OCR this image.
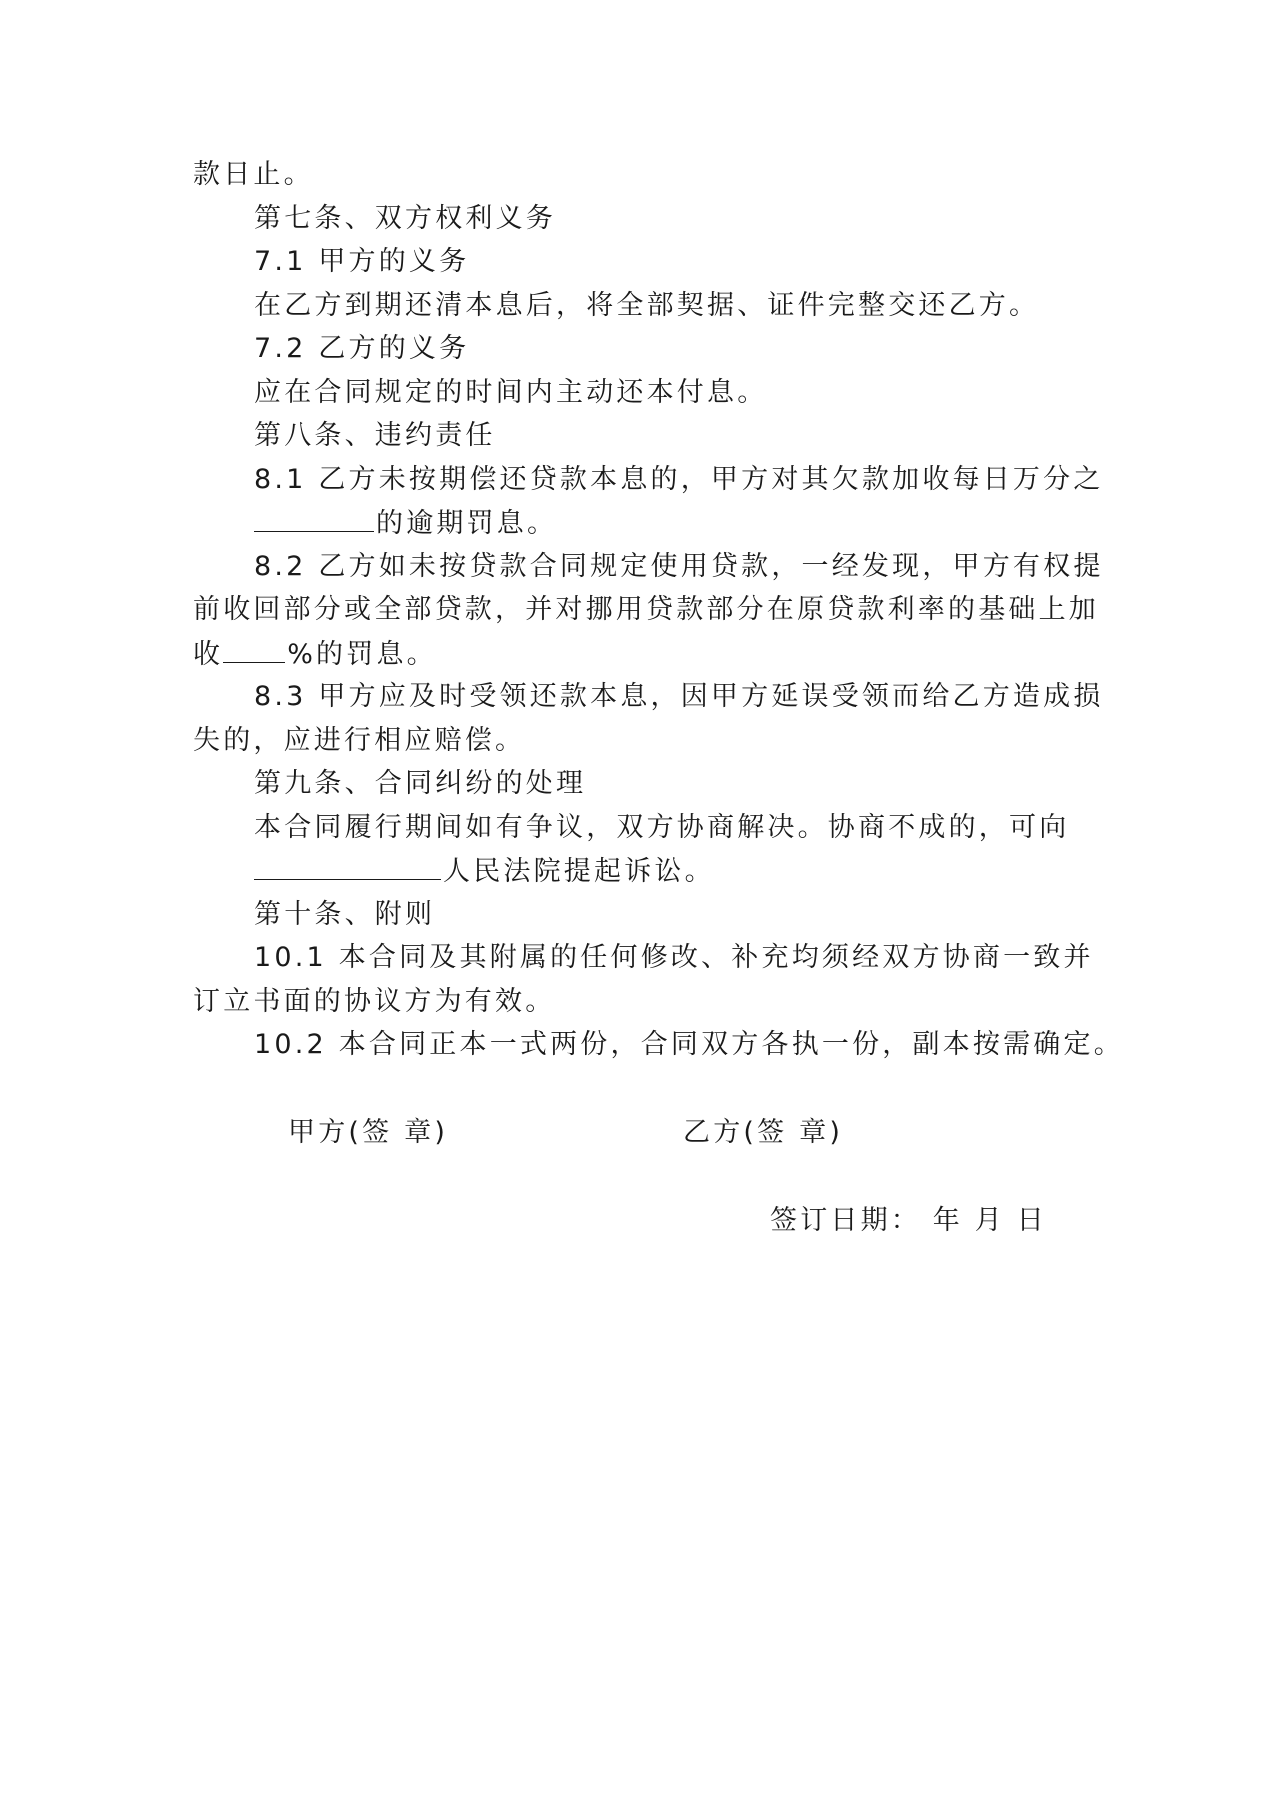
款日止。
第七条、双方权利义务
7.1 甲方的义务
在乙方到期还清本息后，将全部契据、证件完整交还乙方。
7.2 乙方的义务
应在合同规定的时间内主动还本付息。
第八条、违约责任
8.1 乙方未按期偿还贷款本息的，甲方对其欠款加收每日万分之
的逾期罚息。
8.2 乙方如未按贷款合同规定使用贷款，一经发现，甲方有权提
前收回部分或全部贷款，并对挪用贷款部分在原贷款利率的基础上加
收 %的罚息。
8.3 甲方应及时受领还款本息，因甲方延误受领而给乙方造成损
失的，应进行相应赔偿。
第九条、合同纠纷的处理
本合同履行期间如有争议，双方协商解决。协商不成的，可向
人民法院提起诉讼。
第十条、附则
10.1 本合同及其附属的任何修改、补充均须经双方协商一致并
订立书面的协议方为有效。
10.2 本合同正本一式两份，合同双方各执一份，副本按需确定。
甲方(签 章)	乙方(签 章)
签订日期： 年 月 日
